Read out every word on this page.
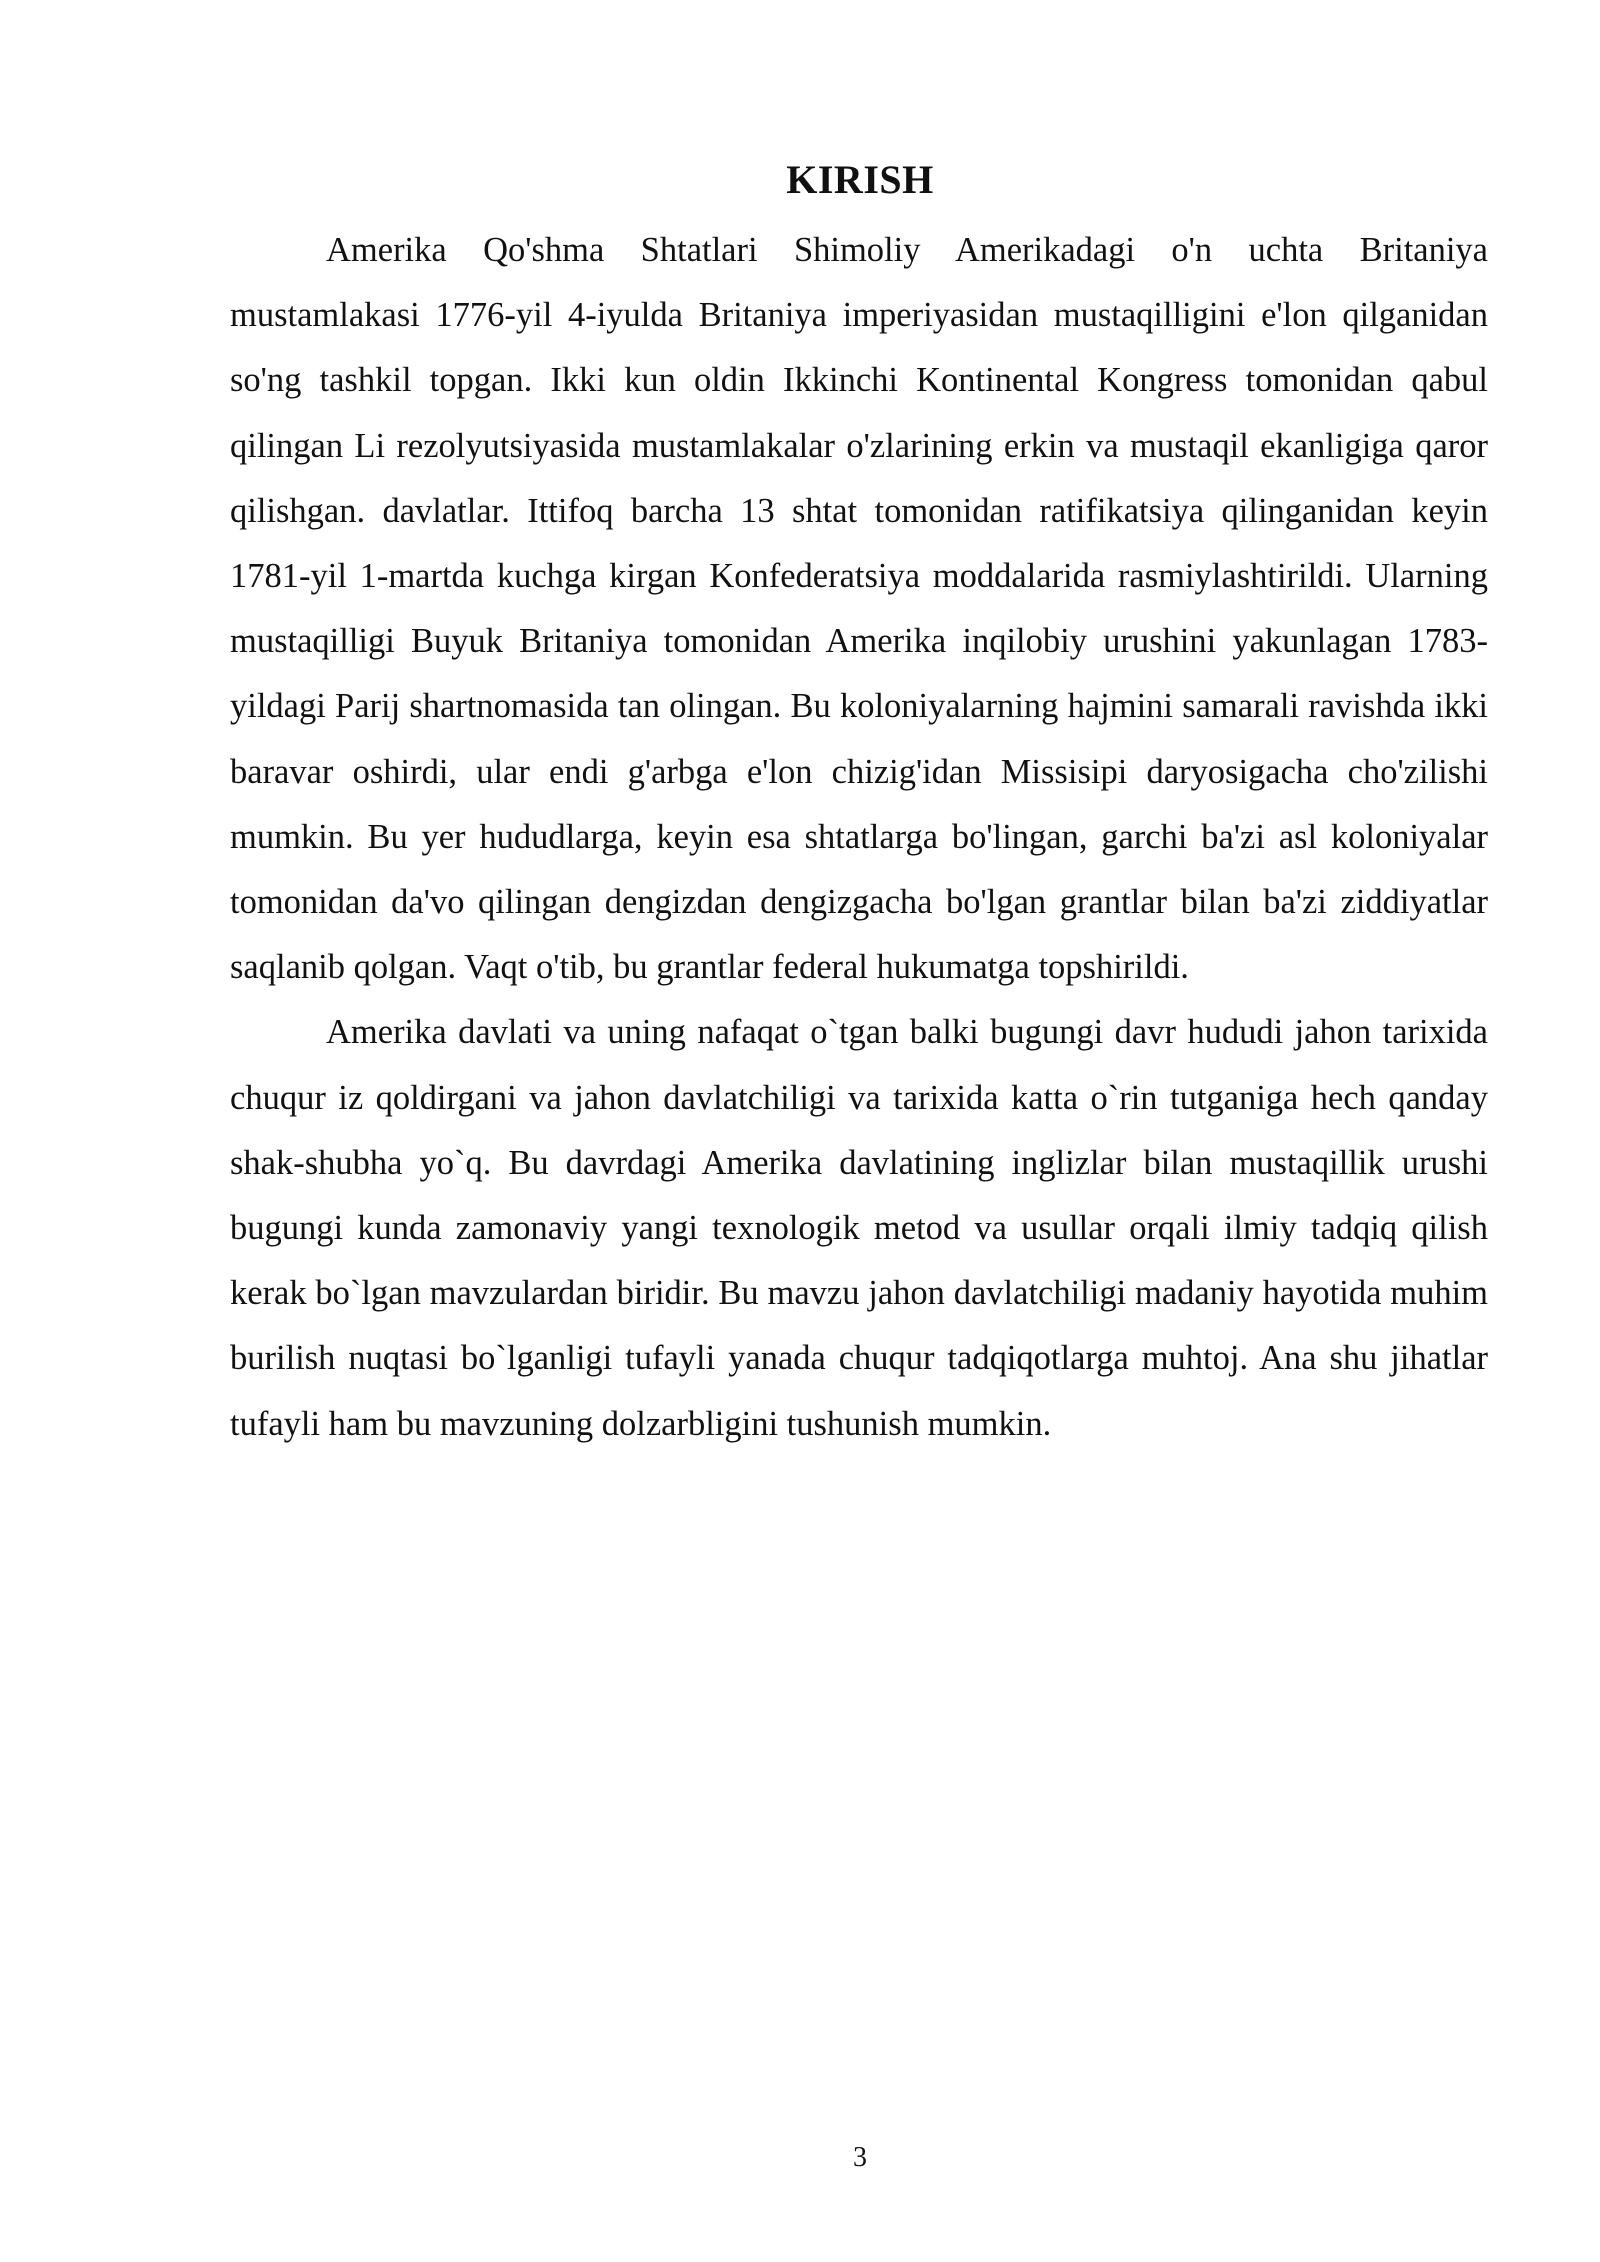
KIRISH

Amerika Qo'shma Shtatlari Shimoliy Amerikadagi o'n uchta Britaniya mustamlakasi 1776-yil 4-iyulda Britaniya imperiyasidan mustaqilligini e'lon qilganidan so'ng tashkil topgan. Ikki kun oldin Ikkinchi Kontinental Kongress tomonidan qabul qilingan Li rezolyutsiyasida mustamlakalar o'zlarining erkin va mustaqil ekanligiga qaror qilishgan. davlatlar. Ittifoq barcha 13 shtat tomonidan ratifikatsiya qilinganidan keyin 1781-yil 1-martda kuchga kirgan Konfederatsiya moddalarida rasmiylashtirildi. Ularning mustaqilligi Buyuk Britaniya tomonidan Amerika inqilobiy urushini yakunlagan 1783-yildagi Parij shartnomasida tan olingan. Bu koloniyalarning hajmini samarali ravishda ikki baravar oshirdi, ular endi g'arbga e'lon chizig'idan Missisipi daryosigacha cho'zilishi mumkin. Bu yer hududlarga, keyin esa shtatlarga bo'lingan, garchi ba'zi asl koloniyalar tomonidan da'vo qilingan dengizdan dengizgacha bo'lgan grantlar bilan ba'zi ziddiyatlar saqlanib qolgan. Vaqt o'tib, bu grantlar federal hukumatga topshirildi.

Amerika davlati va uning nafaqat o`tgan balki bugungi davr hududi jahon tarixida chuqur iz qoldirgani va jahon davlatchiligi va tarixida katta o`rin tutganiga hech qanday shak-shubha yo`q. Bu davrdagi Amerika davlatining inglizlar bilan mustaqillik urushi bugungi kunda zamonaviy yangi texnologik metod va usullar orqali ilmiy tadqiq qilish kerak bo`lgan mavzulardan biridir. Bu mavzu jahon davlatchiligi madaniy hayotida muhim burilish nuqtasi bo`lganligi tufayli yanada chuqur tadqiqotlarga muhtoj. Ana shu jihatlar tufayli ham bu mavzuning dolzarbligini tushunish mumkin.

3
